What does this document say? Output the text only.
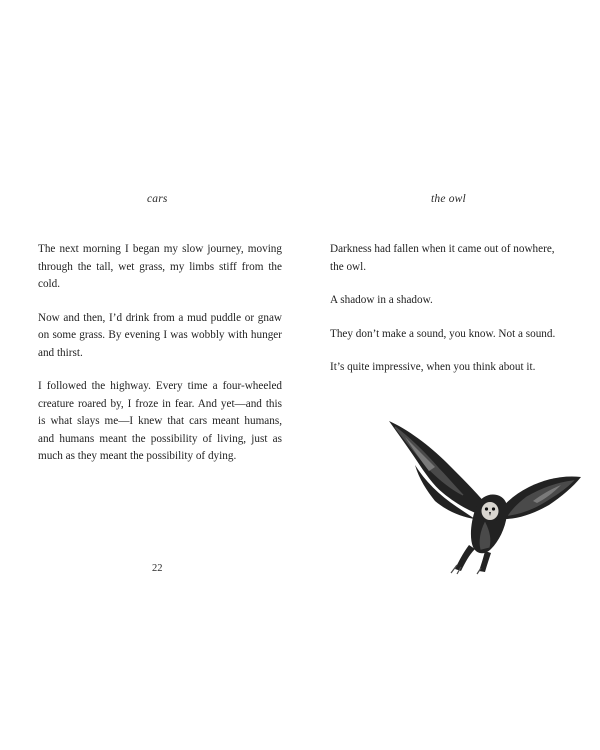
cars

The next morning I began my slow journey, moving through the tall, wet grass, my limbs stiff from the cold.

Now and then, I’d drink from a mud puddle or gnaw on some grass. By evening I was wobbly with hunger and thirst.

I followed the highway. Every time a four-wheeled creature roared by, I froze in fear. And yet—and this is what slays me—I knew that cars meant humans, and humans meant the possibility of living, just as much as they meant the possibility of dying.

22
the owl

Darkness had fallen when it came out of nowhere, the owl.

A shadow in a shadow.

They don’t make a sound, you know. Not a sound.

It’s quite impressive, when you think about it.
